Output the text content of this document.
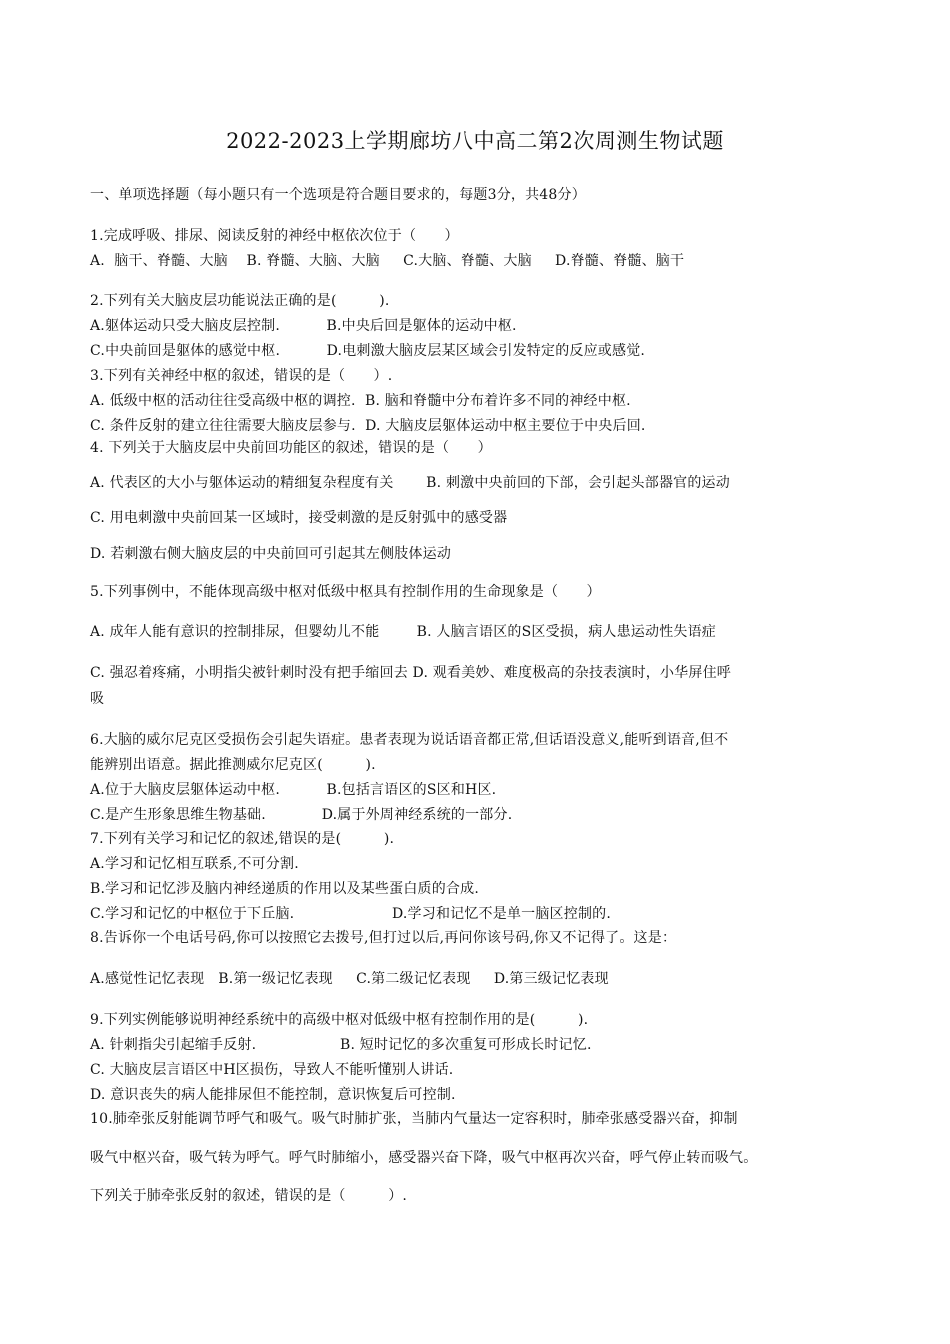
2022-2023上学期廊坊八中高二第2次周测生物试题

一、单项选择题（每小题只有一个选项是符合题目要求的，每题3分，共48分）

1.完成呼吸、排尿、阅读反射的神经中枢依次位于（　　）

A.  脑干、脊髓、大脑    B. 脊髓、大脑、大脑     C.大脑、脊髓、大脑     D.脊髓、脊髓、脑干

2.下列有关大脑皮层功能说法正确的是(　　　).

A.躯体运动只受大脑皮层控制.          B.中央后回是躯体的运动中枢.

C.中央前回是躯体的感觉中枢.          D.电刺激大脑皮层某区域会引发特定的反应或感觉.

3.下列有关神经中枢的叙述，错误的是（　　）.

A. 低级中枢的活动往往受高级中枢的调控.  B. 脑和脊髓中分布着许多不同的神经中枢.

C. 条件反射的建立往往需要大脑皮层参与.  D. 大脑皮层躯体运动中枢主要位于中央后回.

4. 下列关于大脑皮层中央前回功能区的叙述，错误的是（　　）

A. 代表区的大小与躯体运动的精细复杂程度有关       B. 刺激中央前回的下部，会引起头部器官的运动

C. 用电刺激中央前回某一区域时，接受刺激的是反射弧中的感受器

D. 若刺激右侧大脑皮层的中央前回可引起其左侧肢体运动

5.下列事例中，不能体现高级中枢对低级中枢具有控制作用的生命现象是（　　）

A. 成年人能有意识的控制排尿，但婴幼儿不能        B. 人脑言语区的S区受损，病人患运动性失语症

C. 强忍着疼痛，小明指尖被针刺时没有把手缩回去 D. 观看美妙、难度极高的杂技表演时，小华屏住呼

吸

6.大脑的威尔尼克区受损伤会引起失语症。患者表现为说话语音都正常,但话语没意义,能听到语音,但不

能辨别出语意。据此推测威尔尼克区(　　　).

A.位于大脑皮层躯体运动中枢.          B.包括言语区的S区和H区.

C.是产生形象思维生物基础.            D.属于外周神经系统的一部分.

7.下列有关学习和记忆的叙述,错误的是(　　　).

A.学习和记忆相互联系,不可分割.

B.学习和记忆涉及脑内神经递质的作用以及某些蛋白质的合成.

C.学习和记忆的中枢位于下丘脑.                     D.学习和记忆不是单一脑区控制的.

8.告诉你一个电话号码,你可以按照它去拨号,但打过以后,再问你该号码,你又不记得了。这是：

A.感觉性记忆表现   B.第一级记忆表现     C.第二级记忆表现     D.第三级记忆表现

9.下列实例能够说明神经系统中的高级中枢对低级中枢有控制作用的是(　　　).

A. 针刺指尖引起缩手反射.                  B. 短时记忆的多次重复可形成长时记忆.

C. 大脑皮层言语区中H区损伤，导致人不能听懂别人讲话.

D. 意识丧失的病人能排尿但不能控制，意识恢复后可控制.

10.肺牵张反射能调节呼气和吸气。吸气时肺扩张，当肺内气量达一定容积时，肺牵张感受器兴奋，抑制

吸气中枢兴奋，吸气转为呼气。呼气时肺缩小，感受器兴奋下降，吸气中枢再次兴奋，呼气停止转而吸气。

下列关于肺牵张反射的叙述，错误的是（　　　）.
